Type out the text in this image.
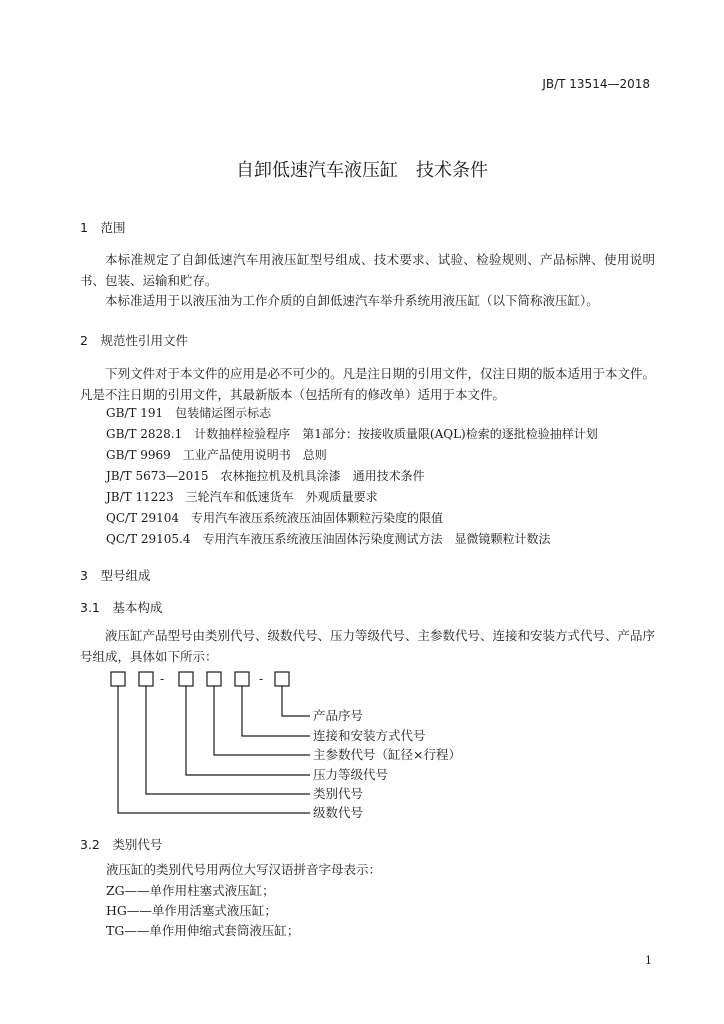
JB/T 13514—2018
自卸低速汽车液压缸　技术条件
1　范围
本标准规定了自卸低速汽车用液压缸型号组成、技术要求、试验、检验规则、产品标牌、使用说明书、包装、运输和贮存。
本标准适用于以液压油为工作介质的自卸低速汽车举升系统用液压缸（以下简称液压缸）。
2　规范性引用文件
下列文件对于本文件的应用是必不可少的。凡是注日期的引用文件，仅注日期的版本适用于本文件。凡是不注日期的引用文件，其最新版本（包括所有的修改单）适用于本文件。
GB/T 191　包装储运图示标志
GB/T 2828.1　计数抽样检验程序　第1部分：按接收质量限(AQL)检索的逐批检验抽样计划
GB/T 9969　工业产品使用说明书　总则
JB/T 5673—2015　农林拖拉机及机具涂漆　通用技术条件
JB/T 11223　三轮汽车和低速货车　外观质量要求
QC/T 29104　专用汽车液压系统液压油固体颗粒污染度的限值
QC/T 29105.4　专用汽车液压系统液压油固体污染度测试方法　显微镜颗粒计数法
3　型号组成
3.1　基本构成
液压缸产品型号由类别代号、级数代号、压力等级代号、主参数代号、连接和安装方式代号、产品序号组成，具体如下所示：
-	-
产品序号
连接和安装方式代号
主参数代号（缸径×行程）
压力等级代号
类别代号
级数代号
3.2　类别代号
液压缸的类别代号用两位大写汉语拼音字母表示：
ZG——单作用柱塞式液压缸；
HG——单作用活塞式液压缸；
TG——单作用伸缩式套筒液压缸；
1
